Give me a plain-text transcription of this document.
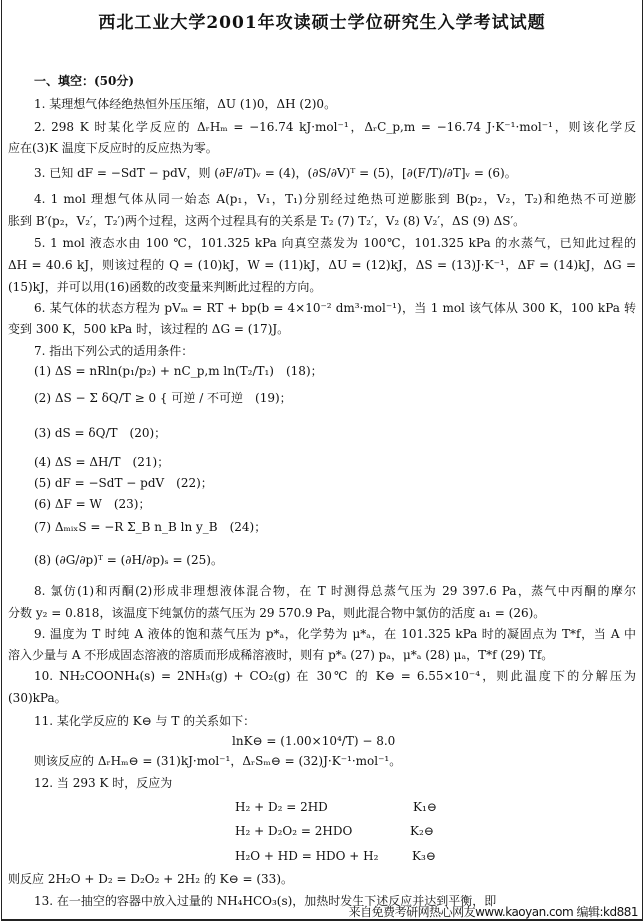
西北工业大学2001年攻读硕士学位研究生入学考试试题
一、填空：(50分)
1. 某理想气体经绝热恒外压压缩，ΔU (1)0，ΔH (2)0。
2. 298 K 时某化学反应的 ΔᵣHₘ = −16.74 kJ·mol⁻¹，ΔᵣC_p,m = −16.74 J·K⁻¹·mol⁻¹，则该化学反
应在(3)K 温度下反应时的反应热为零。
3. 已知 dF = −SdT − pdV，则 (∂F/∂T)ᵥ = (4)，(∂S/∂V)ᵀ = (5)，[∂(F/T)/∂T]ᵥ = (6)。
4. 1 mol 理想气体从同一始态 A(p₁，V₁，T₁)分别经过绝热可逆膨胀到 B(p₂，V₂，T₂)和绝热不可逆膨
胀到 B′(p₂，V₂′，T₂′)两个过程，这两个过程具有的关系是 T₂ (7) T₂′，V₂ (8) V₂′，ΔS (9) ΔS′。
5. 1 mol 液态水由 100 ℃，101.325 kPa 向真空蒸发为 100℃，101.325 kPa 的水蒸气，已知此过程的
ΔH = 40.6 kJ，则该过程的 Q = (10)kJ，W = (11)kJ，ΔU = (12)kJ，ΔS = (13)J·K⁻¹，ΔF = (14)kJ，ΔG =
(15)kJ，并可以用(16)函数的改变量来判断此过程的方向。
6. 某气体的状态方程为 pVₘ = RT + bp(b = 4×10⁻² dm³·mol⁻¹)，当 1 mol 该气体从 300 K，100 kPa 转
变到 300 K，500 kPa 时，该过程的 ΔG = (17)J。
7. 指出下列公式的适用条件：
(1) ΔS = nRln(p₁/p₂) + nC_p,m ln(T₂/T₁)　(18)；
(2) ΔS − Σ δQ/T ≥ 0 { 可逆 / 不可逆　(19)；
(3) dS = δQ/T　(20)；
(4) ΔS = ΔH/T　(21)；
(5) dF = −SdT − pdV　(22)；
(6) ΔF = W　(23)；
(7) ΔₘᵢₓS = −R Σ_B n_B ln y_B　(24)；
(8) (∂G/∂p)ᵀ = (∂H/∂p)ₛ = (25)。
8. 氯仿(1)和丙酮(2)形成非理想液体混合物，在 T 时测得总蒸气压为 29 397.6 Pa，蒸气中丙酮的摩尔
分数 y₂ = 0.818，该温度下纯氯仿的蒸气压为 29 570.9 Pa，则此混合物中氯仿的活度 a₁ = (26)。
9. 温度为 T 时纯 A 液体的饱和蒸气压为 p*ₐ，化学势为 μ*ₐ，在 101.325 kPa 时的凝固点为 T*f，当 A 中
溶入少量与 A 不形成固态溶液的溶质而形成稀溶液时，则有 p*ₐ (27) pₐ，μ*ₐ (28) μₐ，T*f (29) Tf。
10. NH₂COONH₄(s) = 2NH₃(g) + CO₂(g) 在 30℃ 的 K⊖ = 6.55×10⁻⁴，则此温度下的分解压为
(30)kPa。
11. 某化学反应的 K⊖ 与 T 的关系如下：
lnK⊖ = (1.00×10⁴/T) − 8.0
则该反应的 ΔᵣHₘ⊖ = (31)kJ·mol⁻¹，ΔᵣSₘ⊖ = (32)J·K⁻¹·mol⁻¹。
12. 当 293 K 时，反应为
H₂ + D₂ = 2HD	K₁⊖
H₂ + D₂O₂ = 2HDO	K₂⊖
H₂O + HD = HDO + H₂	K₃⊖
则反应 2H₂O + D₂ = D₂O₂ + 2H₂ 的 K⊖ = (33)。
13. 在一抽空的容器中放入过量的 NH₄HCO₃(s)，加热时发生下述反应并达到平衡，即
来自免费考研网热心网友www.kaoyan.com 编辑:kd881
